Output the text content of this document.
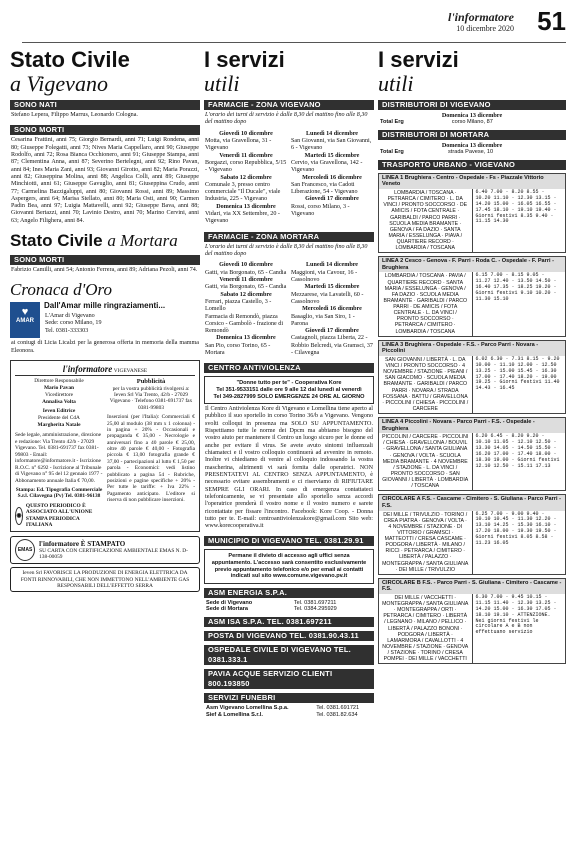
l'informatore
10 dicembre 2020 51
Stato Civile
a Vigevano
SONO NATI
Stefano Lepera, Filippo Marrus, Leonardo Cologna.
SONO MORTI
Cesarina Frattini, anni 75; Giorgio Bernardi, anni 71; Luigi Rondena, anni 80; Giuseppe Folegatti, anni 73; Nives Maria Cappellaro, anni 90; Giuseppe Rodolfo, anni 72; Rosa Bianca Occhionero, anni 91; Giuseppe Stampa, anni 87; Clementina Anna, anni 87; Severino Bertelegni, anni 92; Rino Pavan, anni 84; Ines Maria Zani, anni 93; Giovanni Girotto, anni 82; Maria Porazzi, anni 82; Giuseppina Molina, anni 88; Angelica Colli, anni 89; Giuseppe Minchiotti, anni 61; Giuseppe Gavuglio, anni 81; Giuseppina Crudo, anni 77; Carmelina Bazzigaluppi, anni 80; Giovanni Rossi, anni 89; Massimo Aspergers, anni 64; Marisa Stellato, anni 80; Maria Osti, anni 90; Carmen Padin Bea, anni 97; Luigia Mattavelli, anni 92; Giuseppe Bava, anni 88; Giovanni Bertazzi, anni 70; Lavinio Destro, anni 70; Marino Cervini, anni 63; Angelo Filighera, anni 84.
Stato Civile a Mortara
SONO MORTI
Fabrizio Camilli, anni 54; Antonio Ferrera, anni 89; Adriana Pezoli, anni 74.
Cronaca d'Oro
♥
AMAR
Dall'Amar mille ringraziamenti...
L'Amar di Vigevano
Sede: corso Milano, 19
Tel. 0381-333303
ai coniugi di Licia Licalzi per la generosa offerta in memoria della mamma Eleonora.
l'informatore VIGEVANESE
Direttore Responsabile
Mario Pavan
Vicedirettore
Annalisa Volta
Ieven Editrice
Presidente del CdA
Margherita Natale
Sede legale, amministrazione, direzione e redazione: Via Trento 42/b - 27029 Vigevano. Tel. 0381-691737 fax 0381-99803 - Email: informatore@informatore.it - Iscrizione R.O.C. n° 6292 - Iscrizione al Tribunale di Vigevano n° 95 del 12 gennaio 1977 - Abbonamento annuale Italia € 70,00.
Stampa: Ed. Tipografia Commerciale S.r.l. Cilavegna (Pv) Tel. 0381-96138
◉
QUESTO PERIODICO È ASSOCIATO ALL'UNIONE STAMPA PERIODICA ITALIANA
Pubblicità
per la vostra pubblicità rivolgersi a: Ieven Srl Via Trento, 42/b - 27029 Vigevano · Telefono 0381-691737 fax 0381-99803
Inserzioni (per l'Italia): Commerciali € 25,00 al modulo (38 mm x 1 colonna) - in pagina + 20% - Occasionali e propaganda € 35,00 - Necrologie e anniversari fino a 40 parole € 25,00, oltre 40 parole € 40,00 - Fotografia piccola € 13,00 fotografia grande € 37,00 - partecipazioni al lutto € 1,50 per parola - Economici: vedi listino pubblicato a pagina 54 - Rubriche, posizioni e pagine specifiche + 20% - Per tutte le tariffe: + Iva 22% - Pagamento anticipato. L'editore si riserva di non pubblicare inserzioni.
EMAS
l'informatore È STAMPATO
SU CARTA CON CERTIFICAZIONE AMBIENTALE EMAS N. D-138-00059
Ieven Srl FAVORISCE LA PRODUZIONE DI ENERGIA ELETTRICA DA FONTI RINNOVABILI, CHE NON IMMETTONO NELL'AMBIENTE GAS RESPONSABILI DELL'EFFETTO SERRA
I servizi
utili
FARMACIE - ZONA VIGEVANO
L'orario dei turni di servizio è dalle 8,30 del mattino fino alle 8,30 del mattino dopo
Giovedì 10 dicembre
Motta, via Gravellona, 31 - Vigevano
Venerdì 11 dicembre
Borgazzi, corso Repubblica, 5/15 - Vigevano
Sabato 12 dicembre
Comunale 3, presso centro commerciale "Il Ducale", viale Industria, 225 - Vigevano
Domenica 13 dicembre
Vidari, via XX Settembre, 20 - Vigevano
Lunedì 14 dicembre
San Giovanni, via San Giovanni, 6 - Vigevano
Martedì 15 dicembre
Cervio, via Gravellona, 142 - Vigevano
Mercoledì 16 dicembre
San Francesco, via Cadoti Liberazione, 54 - Vigevano
Giovedì 17 dicembre
Rossi, corso Milano, 3 - Vigevano
FARMACIE - ZONA MORTARA
L'orario dei turni di servizio è dalle 8,30 del mattino fino alle 8,30 del mattino dopo
Giovedì 10 dicembre
Gatti, via Borgonato, 65 - Candia
Venerdì 11 dicembre
Gatti, via Borgonato, 65 - Candia
Sabato 12 dicembre
Ferrari, piazza Castello, 3 - Lomello
Farmacia di Remondò, piazza Corsico - Gambolò - frazione di Remondò
Domenica 13 dicembre
San Pio, corso Torino, 65 - Mortara
Lunedì 14 dicembre
Maggioni, via Cavour, 16 - Cassolnovo
Martedì 15 dicembre
Mezzarese, via Lavatelli, 60 - Cassolnovo
Mercoledì 16 dicembre
Basaglio, via San Siro, 1 - Parona
Giovedì 17 dicembre
Castagnoli, piazza Liberta, 22 - Robbio Belcredi, via Gramsci, 37 - Cilavegna
CENTRO ANTIVIOLENZA
"Donne tutto per te" - Cooperativa Kore
Tel 351-9533151 dalle ore 9 alle 12 dal lunedì al venerdì
Tel 349-2827999 SOLO EMERGENZE 24 ORE AL GIORNO
Il Centro Antiviolenza Kore di Vigevano e Lomellina tiene aperto al pubblico il suo sportello in corso Torino 36/b a Vigevano. Vengono svolti colloqui in presenza ma SOLO SU APPUNTAMENTO. Rispettiamo tutte le norme dei Dpcm ma abbiamo bisogno del vostro aiuto per mantenere il Centro un luogo sicuro per le donne ed anche per evitare il virus. Se avete avuto sintomi influenzali chiamateci e il vostro colloquio continuerà ad avvenire in remoto. Inoltre vi chiediamo di venire al colloquio indossando la vostra mascherina, altrimenti vi sarà fornita dalle operatrici. NON PRESENTATEVI AL CENTRO SENZA APPUNTAMENTO, è necessario evitare assembramenti e ci riserviamo di RIFIUTARE SEMPRE GLI ORARI. In caso di emergenza contattateci telefonicamente, se vi presentate allo sportello senza accordi l'operatrice prenderà il vostro nome e il vostro numero e sarete ricontattate per fissare l'incontro. Facebook: Kore Coop. - Donna tutto per te. E-mail: centroantiviolenzakore@gmail.com Sito web: www.korecooperativa.it
MUNICIPIO DI VIGEVANO TEL. 0381.29.91
Permane il divieto di accesso agli uffici senza appuntamento. L'accesso sarà consentito esclusivamente previo appuntamento telefonico e/o per email ai contatti indicati sul sito www.comune.vigevano.pv.it
ASM ENERGIA S.P.A.
Sede di Vigevano	Tel. 0381.697211
Sede di Mortara	Tel. 0384.295929
ASM ISA S.P.A. TEL. 0381.697211
POSTA DI VIGEVANO TEL. 0381.90.43.11
OSPEDALE CIVILE DI VIGEVANO TEL. 0381.333.1
PAVIA ACQUE SERVIZIO CLIENTI 800.193850
SERVIZI FUNEBRI
Asm Vigevano Lomellina S.p.a.	Tel. 0381.691721
Sief & Lomellina S.r.l.	Tel. 0381.82.634
I servizi
utili
DISTRIBUTORI DI VIGEVANO
Domenica 13 dicembre
Total Erg	corso Milano, 87
DISTRIBUTORI DI MORTARA
Domenica 13 dicembre
Total Erg	strada Pavese, 10
TRASPORTO URBANO - VIGEVANO
LINEA 1 Brughiera - Centro - Ospedale - Fs - Piazzale Vittorio Veneto
LOMBARDIA / TOSCANA · PETRARCA / CIMITERO · L. DA VINCI / PRONTO SOCCORSO · DE AMICIS / FOTA CENTRALE · GARIBALDI / PARCO PARRI · SCUOLA MEDIA BRAMANTE · GENOVA / FA DAZIO · SANTA MARIA / ESSELUNGA · PIAVA / QUARTIERE RECORD · LOMBARDIA / TOSCANA
6.40 7.00 · 8.20 8.55 · 10.20 11.10 · 12.30 13.15 · 14.20 15.00 · 16.05 16.55 · 17.45 18.10 · 19.10 19.40 · Giorni festivi 8.35 9.40 · 11.15 14.30
LINEA 2 Cesco - Genova - F. Parri - Roda C. - Ospedale - F. Parri - Brughiera
LOMBARDIA / TOSCANA · PAVIA / QUARTIERE RECORD · SANTA MARIA / ESSELUNGA · GENOVA / FA DAZIO · SCUOLA MEDIA BRAMANTE · GARIBALDI / PARCO PARRI · DE AMICIS / FOTA CENTRALE · L. DA VINCI / PRONTO SOCCORSO · PETRARCA / CIMITERO · LOMBARDIA / TOSCANA
6.15 7.00 · 8.15 9.05 · 11.27 12.40 · 13.50 14.50 · 16.40 17.35 · 18.25 19.20 · Giorni festivi 9.10 10.20 · 11.30 15.10
LINEA 3 Brughiera - Ospedale - F.S. - Parco Parri - Novara - Piccolini
SAN GIOVANNI / LIBERTÀ · L. DA VINCI / PRONTO SOCCORSO · 4 NOVEMBRE / STAZIONE · PIEANI / SAN GIACOMO · SCUOLA MEDIA BRAMANTE · GARIBALDI / PARCO PARRI · NOVARA / STRADA FOSSANA · BATTU / GRAVELLONA · PICCOLINI / CHIESA · PICCOLINI / CARCERE
6.02 6.30 · 7.31 8.15 · 9.20 10.00 · 11.10 12.00 · 12.50 13.25 · 15.00 15.45 · 16.30 17.00 · 17.40 18.20 · 19.00 19.25 · Giorni festivi 11.40 14.43 · 16.45
LINEA 4 Piccolini - Novara - Parco Parri - F.S. - Ospedale - Brughiera
PICCOLINI / CARCERE · PICCOLINI / CHIESA · GRAVELLONA / BOUVIL · GRAVELLONA / SANTA GIULIANA · GENOVA / VOLTA · SCUOLA MEDIA BRAMANTE · 4 NOVEMBRE / STAZIONE · L. DA VINCI / PRONTO SOCCORSO · SAN GIOVANNI / LIBERTÀ · LOMBARDIA / TOSCANA
6.20 6.45 · 8.20 9.20 · 10.10 11.05 · 12.10 12.50 · 13.30 14.05 · 14.50 15.50 · 16.20 17.00 · 17.40 18.00 · 18.30 19.00 · Giorni festivi 12.10 12.50 · 15.11 17.13
CIRCOLARE A F.S. - Cascame - Cimitero - S. Giuliana - Parco Parri - F.S.
DEI MILLE / TRIVULZIO · TORINO / CREA PIATRA · GENOVA / VOLTA · 4 NOVEMBRE / STAZIONE · DI VITTORIO / GRAMSCI · MATTEOTTI / CRESA CASCAME · PODGORA / LIBERTÀ · MILANO / RICCI · PETRARCA / CIMITERO · LIBERTÀ / PALAZZO · MONTEGRAPPA / SANTA GIULIANA · DEI MILLE / TRIVULZIO
6.25 7.00 · 9.00 9.40 · 10.10 10.45 · 11.30 12.20 · 13.10 14.25 · 15.30 16.10 · 17.20 18.00 · 19.30 19.50 · Giorni festivi 8.05 8.58 · 11.23 16.05
CIRCOLARE B F.S. - Parco Parri - S. Giuliana - Cimitero - Cascame - F.S.
DEI MILLE / VACCHETTI · MONTEGRAPPA / SANTA GIULIANA · MONTEGRAPPA / ORTI · PETRARCA / CIMITERO · LIBERTÀ / LEGNANO · MILANO / PELLICO · LIBERTÀ / PALAZZO BONONI · PODGORA / LIBERTÀ · LAMARMORA / CAVALLOTTI · 4 NOVEMBRE / STAZIONE · GENOVA / STAZIONE · TORINO / CRESA POMPEI · DEI MILLE / VACCHETTI
6.30 7.00 · 9.45 10.15 · 11.15 11.40 · 12.30 13.25 · 14.20 15.00 · 16.30 17.05 · 18.10 19.10 · ATTENZIONE. Nei giorni festivi le circolare A e B non effettuano servizio
